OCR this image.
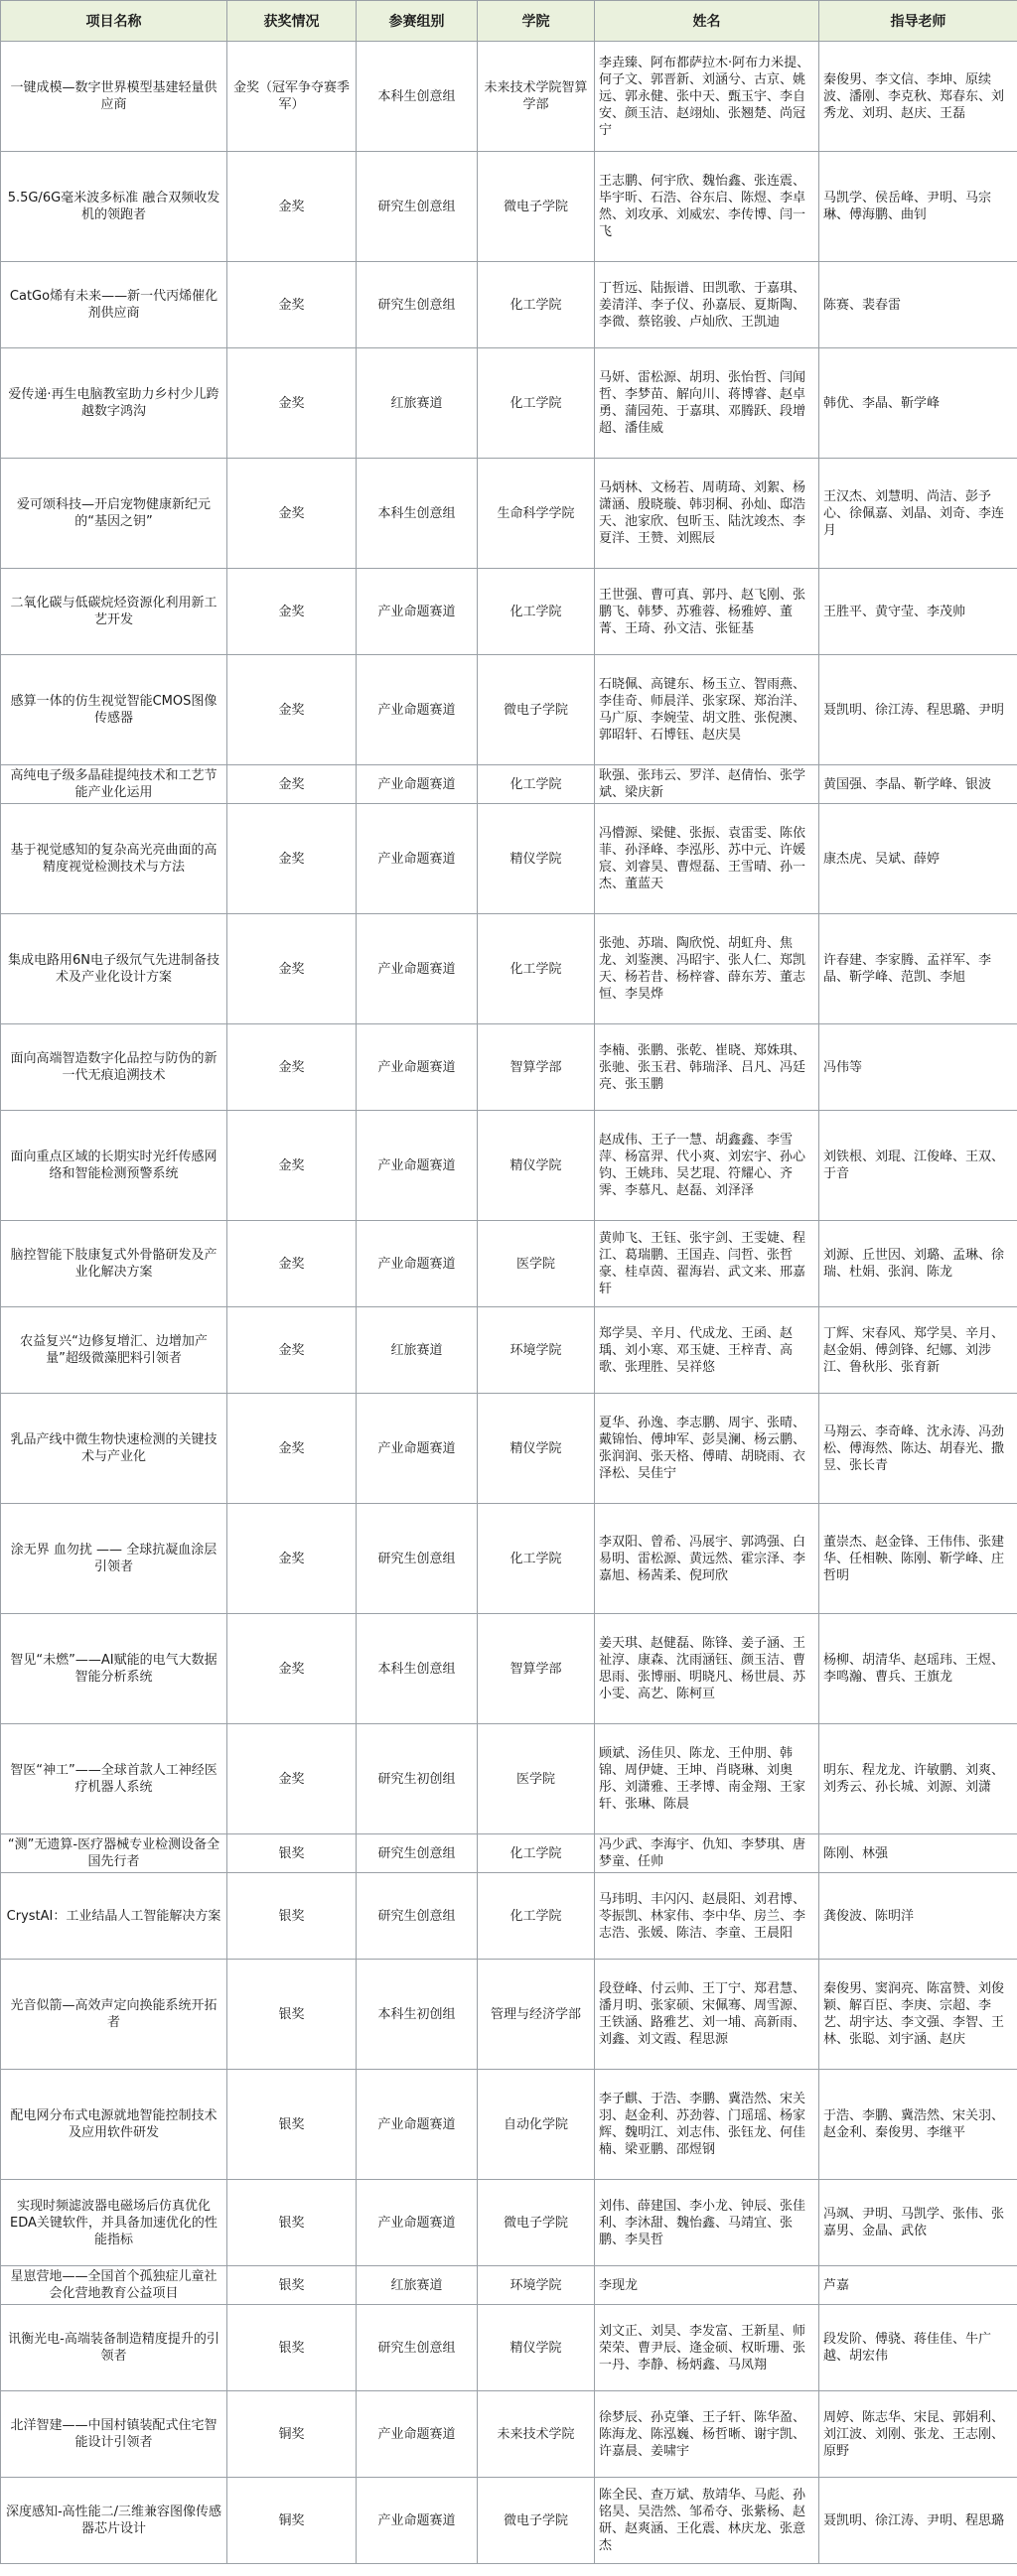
项目名称	获奖情况	参赛组别	学院	姓名	指导老师
一键成模—数字世界模型基建轻量供应商	金奖（冠军争夺赛季军）	本科生创意组	未来技术学院智算学部	李垚臻、阿布都萨拉木·阿布力米提、何子文、郭晋新、刘涵兮、古京、姚远、郭永健、张中天、甄玉宇、李自安、颜玉洁、赵翊灿、张翘楚、尚冠宁	秦俊男、李文信、李坤、原续波、潘刚、李克秋、郑春东、刘秀龙、刘玥、赵庆、王磊
5.5G/6G毫米波多标准 融合双频收发机的领跑者	金奖	研究生创意组	微电子学院	王志鹏、何宇欣、魏怡鑫、张连震、毕宇昕、石浩、谷东启、陈煜、李卓然、刘攻承、刘威宏、李传博、闫一飞	马凯学、侯岳峰、尹明、马宗琳、傅海鹏、曲钊
CatGo烯有未来——新一代丙烯催化剂供应商	金奖	研究生创意组	化工学院	丁哲远、陆振谱、田凯歌、于嘉琪、姜清洋、李子仪、孙嘉辰、夏斯陶、李微、蔡铭骏、卢灿欣、王凯迪	陈赛、裴春雷
爱传递·再生电脑教室助力乡村少儿跨越数字鸿沟	金奖	红旅赛道	化工学院	马妍、雷松源、胡玥、张怡哲、闫闻哲、李梦苗、解向川、蒋博睿、赵卓勇、蒲园苑、于嘉琪、邓腾跃、段增超、潘佳威	韩优、李晶、靳学峰
爱可颂科技—开启宠物健康新纪元的“基因之钥”	金奖	本科生创意组	生命科学学院	马炳林、文杨若、周萌琦、刘絮、杨潇涵、殷晓璇、韩羽桐、孙灿、邸浩天、池家欣、包昕玉、陆沈竣杰、李夏洋、王赞、刘熙辰	王汉杰、刘慧明、尚洁、彭予心、徐佩嘉、刘晶、刘奇、李连月
二氧化碳与低碳烷烃资源化利用新工艺开发	金奖	产业命题赛道	化工学院	王世强、曹可真、郭丹、赵飞刚、张鹏飞、韩梦、苏雅蓉、杨雅婷、董菁、王琦、孙文洁、张钲基	王胜平、黄守莹、李茂帅
感算一体的仿生视觉智能CMOS图像传感器	金奖	产业命题赛道	微电子学院	石晓佩、高键东、杨玉立、智雨燕、李佳奇、师晨洋、张家琛、郑治洋、马广原、李婉莹、胡文胜、张倪澳、郭昭轩、石博钰、赵庆昊	聂凯明、徐江涛、程思璐、尹明
高纯电子级多晶硅提纯技术和工艺节能产业化运用	金奖	产业命题赛道	化工学院	耿强、张玮云、罗洋、赵倩怡、张学斌、梁庆新	黄国强、李晶、靳学峰、银波
基于视觉感知的复杂高光亮曲面的高精度视觉检测技术与方法	金奖	产业命题赛道	精仪学院	冯懵源、梁健、张振、袁雷雯、陈依菲、孙泽峰、李泓彤、苏中元、许媛宸、刘睿昊、曹煜磊、王雪晴、孙一杰、董蓝天	康杰虎、吴斌、薛婷
集成电路用6N电子级氘气先进制备技术及产业化设计方案	金奖	产业命题赛道	化工学院	张弛、苏瑞、陶欣悦、胡虹舟、焦龙、刘鉴澳、冯昭宇、张人仁、郑凯天、杨若昔、杨梓睿、薛东芳、董志恒、李昊烨	许春建、李家腾、孟祥军、李晶、靳学峰、范凯、李旭
面向高端智造数字化品控与防伪的新一代无痕追溯技术	金奖	产业命题赛道	智算学部	李楠、张鹏、张乾、崔晓、郑姝琪、张驰、张玉君、韩瑞泽、吕凡、冯廷亮、张玉鹏	冯伟等
面向重点区域的长期实时光纤传感网络和智能检测预警系统	金奖	产业命题赛道	精仪学院	赵成伟、王子一慧、胡鑫鑫、李雪萍、杨富羿、代小爽、刘宏宇、孙心钧、王姚玮、吴艺琨、符耀心、齐霁、李慕凡、赵磊、刘泽泽	刘铁根、刘琨、江俊峰、王双、于音
脑控智能下肢康复式外骨骼研发及产业化解决方案	金奖	产业命题赛道	医学院	黄帅飞、王钰、张宇剑、王雯婕、程江、葛瑞鹏、王国垚、闫哲、张哲豪、桂卓茵、翟海岩、武文来、邢嘉轩	刘源、丘世因、刘璐、孟琳、徐瑞、杜娟、张润、陈龙
农益复兴“边修复增汇、边增加产量”超级微藻肥料引领者	金奖	红旅赛道	环境学院	郑学昊、辛月、代成龙、王函、赵瑀、刘小寒、邓玉婕、王梓青、高歌、张理胜、吴祥悠	丁辉、宋春风、郑学昊、辛月、赵金娟、傅剑锋、纪娜、刘涉江、鲁秋彤、张育新
乳品产线中微生物快速检测的关键技术与产业化	金奖	产业命题赛道	精仪学院	夏华、孙逸、李志鹏、周宇、张晴、戴锦怡、傅坤军、彭昊澜、杨云鹏、张润润、张天格、傅晴、胡晓雨、衣泽松、吴佳宁	马翔云、李奇峰、沈永涛、冯劲松、傅海然、陈达、胡春光、撒昱、张长青
涂无界 血勿扰 —— 全球抗凝血涂层引领者	金奖	研究生创意组	化工学院	李双阳、曾希、冯展宇、郭鸿强、白易明、雷松源、黄远然、霍宗泽、李嘉旭、杨茜柔、倪珂欣	董崇杰、赵金锋、王伟伟、张建华、任相鞅、陈刚、靳学峰、庄哲明
智见“未燃”——AI赋能的电气大数据智能分析系统	金奖	本科生创意组	智算学部	姜天琪、赵健磊、陈锋、姜子涵、王祉淳、康森、沈雨涵钰、颜玉洁、曹思雨、张博丽、明晓凡、杨世晨、苏小雯、高艺、陈柯亘	杨柳、胡清华、赵瑶玮、王煜、李鸣瀚、曹兵、王旗龙
智医“神工”——全球首款人工神经医疗机器人系统	金奖	研究生初创组	医学院	顾斌、汤佳贝、陈龙、王仲朋、韩锦、周伊婕、王坤、肖晓琳、刘奥彤、刘潇雅、王孝博、南金翔、王家轩、张琳、陈晨	明东、程龙龙、许敏鹏、刘爽、刘秀云、孙长城、刘源、刘潇
“测”无遗算-医疗器械专业检测设备全国先行者	银奖	研究生创意组	化工学院	冯少武、李海宇、仇知、李梦琪、唐梦童、任帅	陈刚、林强
CrystAI：工业结晶人工智能解决方案	银奖	研究生创意组	化工学院	马玮明、丰闪闪、赵晨阳、刘君博、苓振凯、林家伟、李中华、房兰、李志浩、张媛、陈洁、李童、王晨阳	龚俊波、陈明洋
光音似箭—高效声定向换能系统开拓者	银奖	本科生初创组	管理与经济学部	段登峰、付云帅、王丁宁、郑君慧、潘月明、张家硕、宋佩骞、周雪源、王铁涵、路雅艺、刘一埔、高新雨、刘鑫、刘文霞、程思源	秦俊男、窦润亮、陈富赞、刘俊颖、解百臣、李庚、宗超、李艺、胡宇达、李文强、李智、王林、张聪、刘宇涵、赵庆
配电网分布式电源就地智能控制技术及应用软件研发	银奖	产业命题赛道	自动化学院	李子麒、于浩、李鹏、冀浩然、宋关羽、赵金利、苏劲蓉、门瑶瑶、杨家辉、魏明江、刘志伟、张钰龙、何佳楠、梁亚鹏、邵煜钢	于浩、李鹏、冀浩然、宋关羽、赵金利、秦俊男、李继平
实现时频滤波器电磁场后仿真优化EDA关键软件，并具备加速优化的性能指标	银奖	产业命题赛道	微电子学院	刘伟、薛建国、李小龙、钟辰、张佳利、李沐甜、魏怡鑫、马靖宜、张鹏、李昊哲	冯飒、尹明、马凯学、张伟、张嘉男、金晶、武依
星崽营地——全国首个孤独症儿童社会化营地教育公益项目	银奖	红旅赛道	环境学院	李现龙	芦嘉
讯衡光电-高端装备制造精度提升的引领者	银奖	研究生创意组	精仪学院	刘文正、刘昊、李发富、王新星、师荣荣、曹尹辰、逄金硕、权昕珊、张一丹、李静、杨炳鑫、马凤翔	段发阶、傅骁、蒋佳佳、牛广越、胡宏伟
北洋智建——中国村镇装配式住宅智能设计引领者	铜奖	产业命题赛道	未来技术学院	徐梦辰、孙克肇、王子轩、陈华盈、陈海龙、陈泓巍、杨哲晰、谢宇凯、许嘉晨、姜啸宇	周婷、陈志华、宋昆、郭娟利、刘江波、刘刚、张龙、王志刚、原野
深度感知-高性能二/三维兼容图像传感器芯片设计	铜奖	产业命题赛道	微电子学院	陈全民、查万斌、敖靖华、马彪、孙铭昊、吴浩然、邹希夺、张紫杨、赵研、赵爽涵、王化震、林庆龙、张意杰	聂凯明、徐江涛、尹明、程思璐
